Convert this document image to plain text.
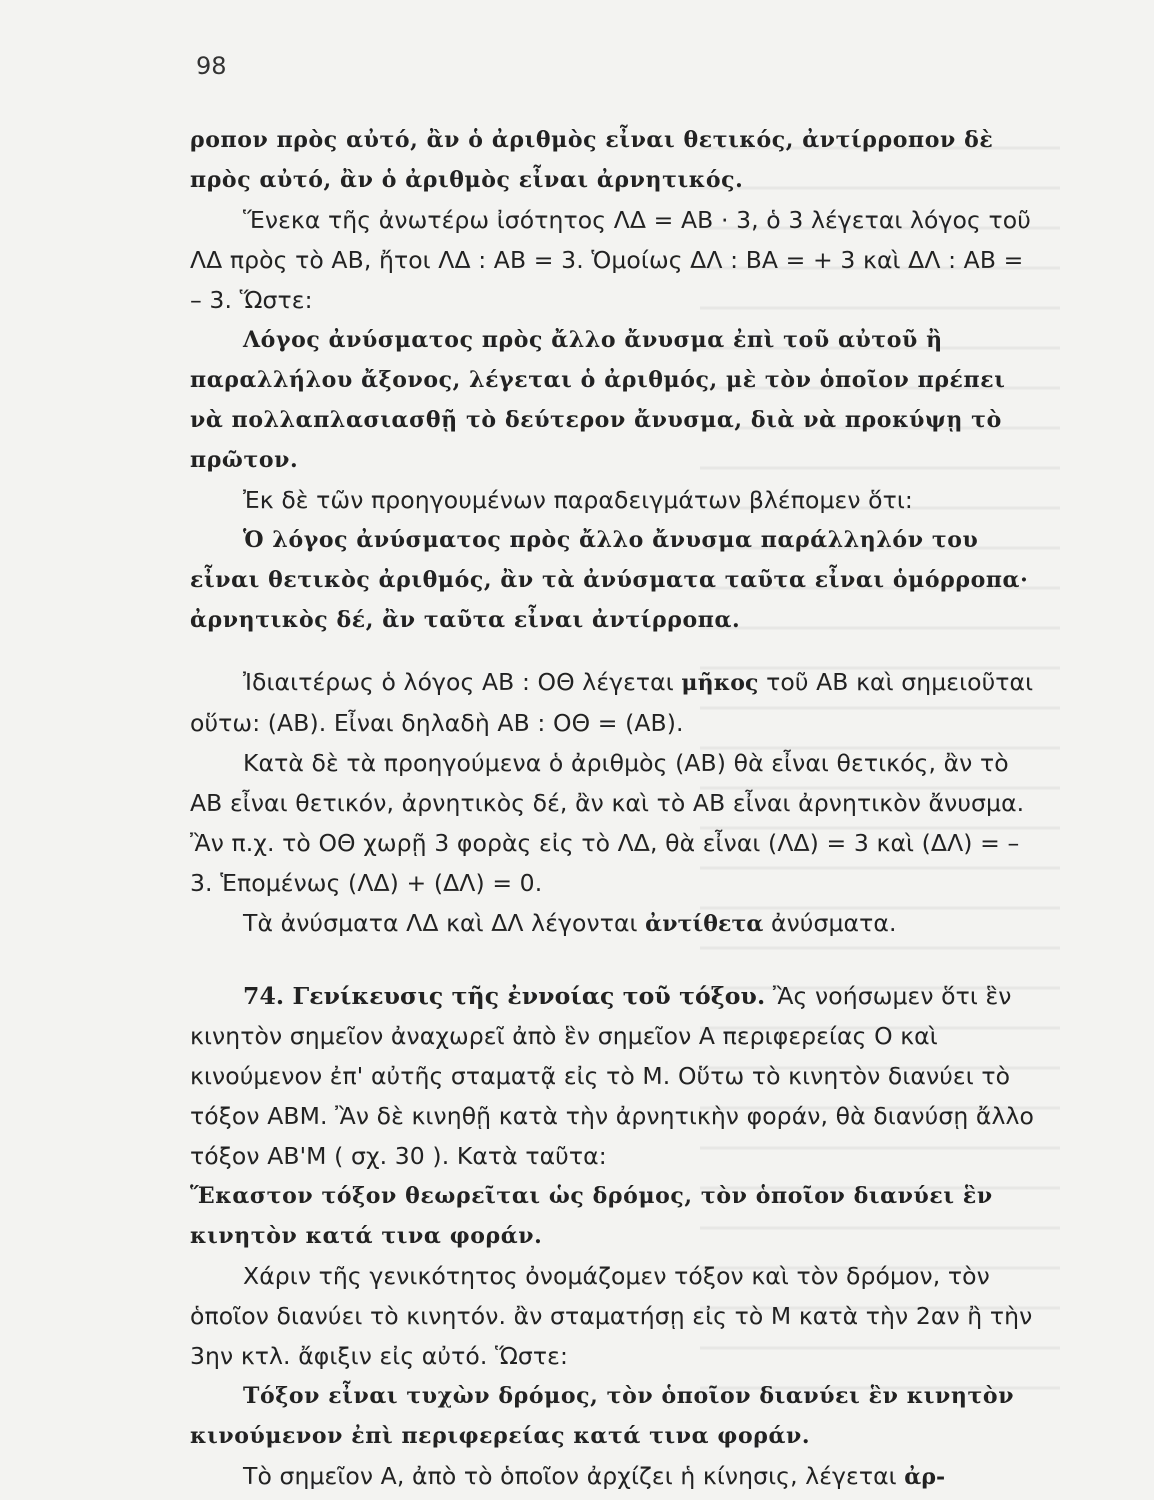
98

ροπον πρὸς αὐτό, ἂν ὁ ἀριθμὸς εἶναι θετικός, ἀντίρροπον δὲ πρὸς αὐτό, ἂν ὁ ἀριθμὸς εἶναι ἀρνητικός.

Ἕνεκα τῆς ἀνωτέρω ἰσότητος ΛΔ = ΑΒ · 3, ὁ 3 λέγεται λόγος τοῦ ΛΔ πρὸς τὸ ΑΒ, ἤτοι ΛΔ : ΑΒ = 3. Ὁμοίως ΔΛ : ΒΑ = + 3 καὶ ΔΛ : ΑΒ = – 3. Ὥστε:

Λόγος ἀνύσματος πρὸς ἄλλο ἄνυσμα ἐπὶ τοῦ αὐτοῦ ἢ παραλλήλου ἄξονος, λέγεται ὁ ἀριθμός, μὲ τὸν ὁποῖον πρέπει νὰ πολλαπλασιασθῇ τὸ δεύτερον ἄνυσμα, διὰ νὰ προκύψῃ τὸ πρῶτον.

Ἐκ δὲ τῶν προηγουμένων παραδειγμάτων βλέπομεν ὅτι:

Ὁ λόγος ἀνύσματος πρὸς ἄλλο ἄνυσμα παράλληλόν του εἶναι θετικὸς ἀριθμός, ἂν τὰ ἀνύσματα ταῦτα εἶναι ὁμόρροπα· ἀρνητικὸς δέ, ἂν ταῦτα εἶναι ἀντίρροπα.

Ἰδιαιτέρως ὁ λόγος ΑΒ : ΟΘ λέγεται μῆκος τοῦ ΑΒ καὶ σημειοῦται οὕτω: (ΑΒ). Εἶναι δηλαδὴ ΑΒ : ΟΘ = (ΑΒ).

Κατὰ δὲ τὰ προηγούμενα ὁ ἀριθμὸς (ΑΒ) θὰ εἶναι θετικός, ἂν τὸ ΑΒ εἶναι θετικόν, ἀρνητικὸς δέ, ἂν καὶ τὸ ΑΒ εἶναι ἀρνητικὸν ἄνυσμα. Ἂν π.χ. τὸ ΟΘ χωρῇ 3 φορὰς εἰς τὸ ΛΔ, θὰ εἶναι (ΛΔ) = 3 καὶ (ΔΛ) = – 3. Ἑπομένως (ΛΔ) + (ΔΛ) = 0.

Τὰ ἀνύσματα ΛΔ καὶ ΔΛ λέγονται ἀντίθετα ἀνύσματα.

74. Γενίκευσις τῆς ἐννοίας τοῦ τόξου. Ἂς νοήσωμεν ὅτι ἓν κινητὸν σημεῖον ἀναχωρεῖ ἀπὸ ἓν σημεῖον Α περιφερείας Ο καὶ κινούμενον ἐπ' αὐτῆς σταματᾷ εἰς τὸ Μ. Οὕτω τὸ κινητὸν διανύει τὸ τόξον ΑΒΜ. Ἂν δὲ κινηθῇ κατὰ τὴν ἀρνητικὴν φοράν, θὰ διανύσῃ ἄλλο τόξον ΑΒ'Μ ( σχ. 30 ). Κατὰ ταῦτα:

Ἕκαστον τόξον θεωρεῖται ὡς δρόμος, τὸν ὁποῖον διανύει ἓν κινητὸν κατά τινα φοράν.

Χάριν τῆς γενικότητος ὀνομάζομεν τόξον καὶ τὸν δρόμον, τὸν ὁποῖον διανύει τὸ κινητόν. ἂν σταματήσῃ εἰς τὸ Μ κατὰ τὴν 2αν ἢ τὴν 3ην κτλ. ἄφιξιν εἰς αὐτό. Ὥστε:

Τόξον εἶναι τυχὼν δρόμος, τὸν ὁποῖον διανύει ἓν κινητὸν κινούμενον ἐπὶ περιφερείας κατά τινα φοράν.

Τὸ σημεῖον Α, ἀπὸ τὸ ὁποῖον ἀρχίζει ἡ κίνησις, λέγεται ἀρ-
